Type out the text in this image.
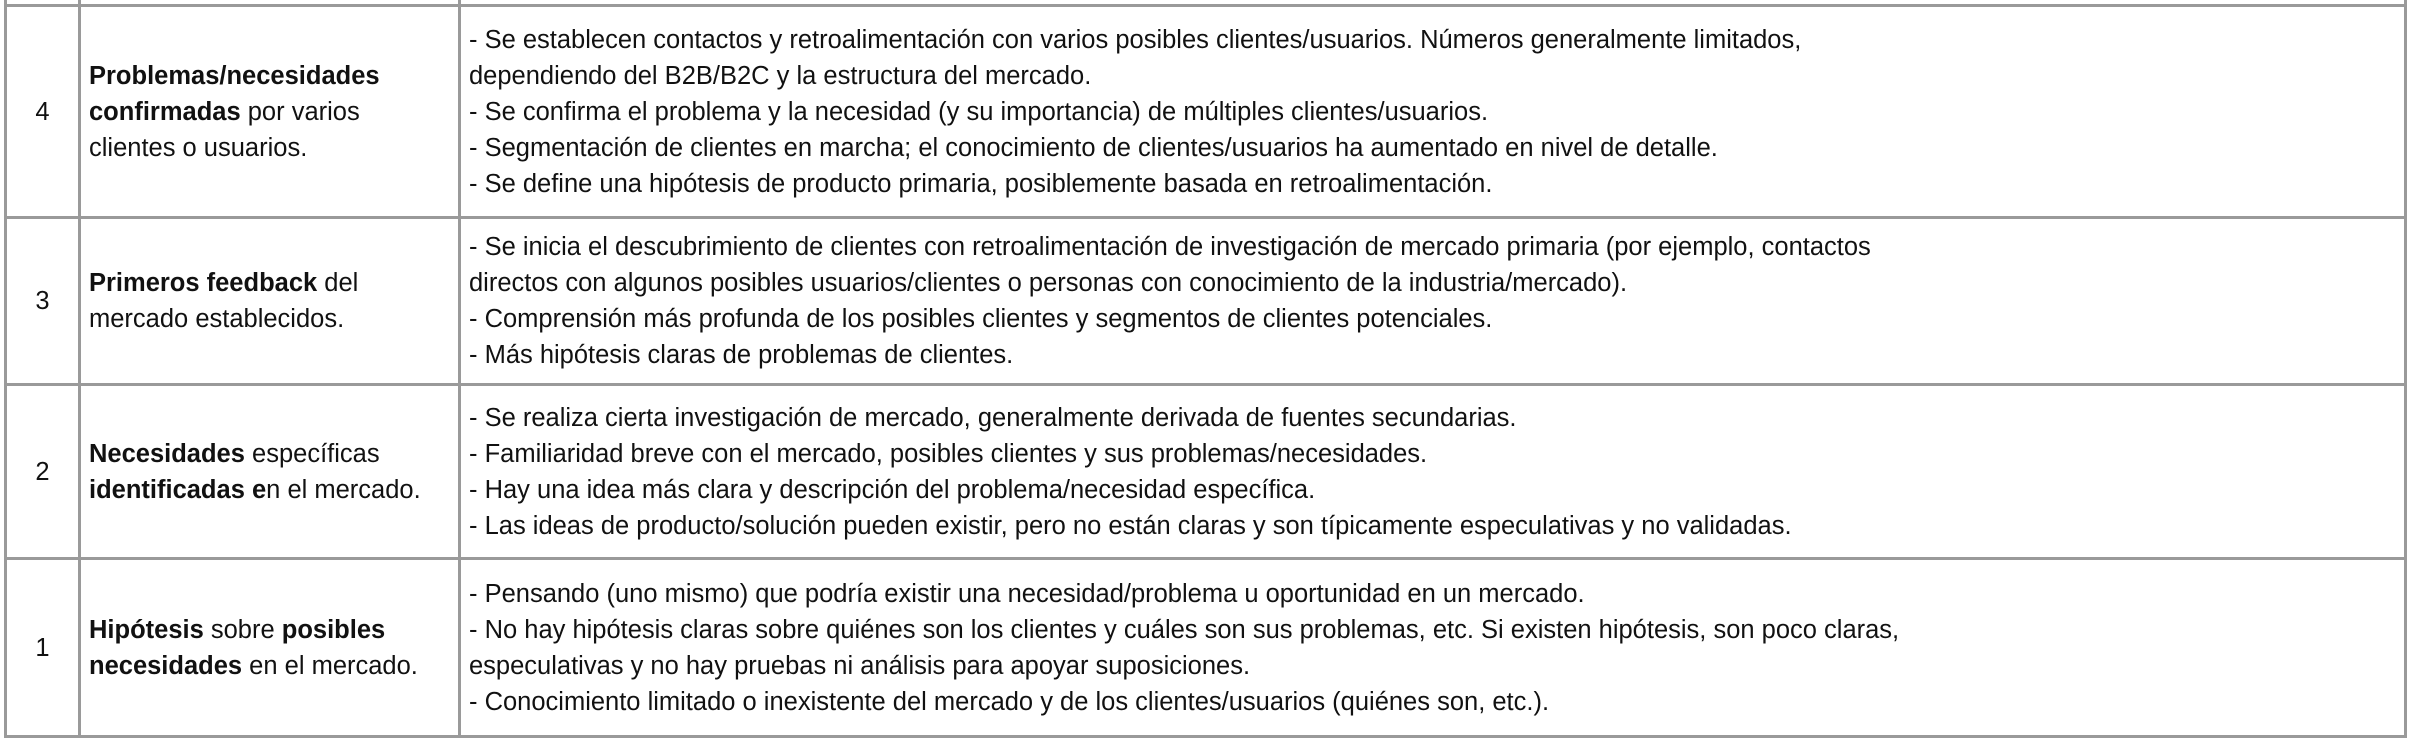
4	Problemas/necesidades confirmadas por varios clientes o usuarios.	- Se establecen contactos y retroalimentación con varios posibles clientes/usuarios. Números generalmente limitados,
dependiendo del B2B/B2C y la estructura del mercado.
- Se confirma el problema y la necesidad (y su importancia) de múltiples clientes/usuarios.
- Segmentación de clientes en marcha; el conocimiento de clientes/usuarios ha aumentado en nivel de detalle.
- Se define una hipótesis de producto primaria, posiblemente basada en retroalimentación.

3	Primeros feedback del mercado establecidos.	- Se inicia el descubrimiento de clientes con retroalimentación de investigación de mercado primaria (por ejemplo, contactos
directos con algunos posibles usuarios/clientes o personas con conocimiento de la industria/mercado).
- Comprensión más profunda de los posibles clientes y segmentos de clientes potenciales.
- Más hipótesis claras de problemas de clientes.

2	Necesidades específicas identificadas en el mercado.	- Se realiza cierta investigación de mercado, generalmente derivada de fuentes secundarias.
- Familiaridad breve con el mercado, posibles clientes y sus problemas/necesidades.
- Hay una idea más clara y descripción del problema/necesidad específica.
- Las ideas de producto/solución pueden existir, pero no están claras y son típicamente especulativas y no validadas.

1	Hipótesis sobre posibles necesidades en el mercado.	- Pensando (uno mismo) que podría existir una necesidad/problema u oportunidad en un mercado.
- No hay hipótesis claras sobre quiénes son los clientes y cuáles son sus problemas, etc. Si existen hipótesis, son poco claras,
especulativas y no hay pruebas ni análisis para apoyar suposiciones.
- Conocimiento limitado o inexistente del mercado y de los clientes/usuarios (quiénes son, etc.).
